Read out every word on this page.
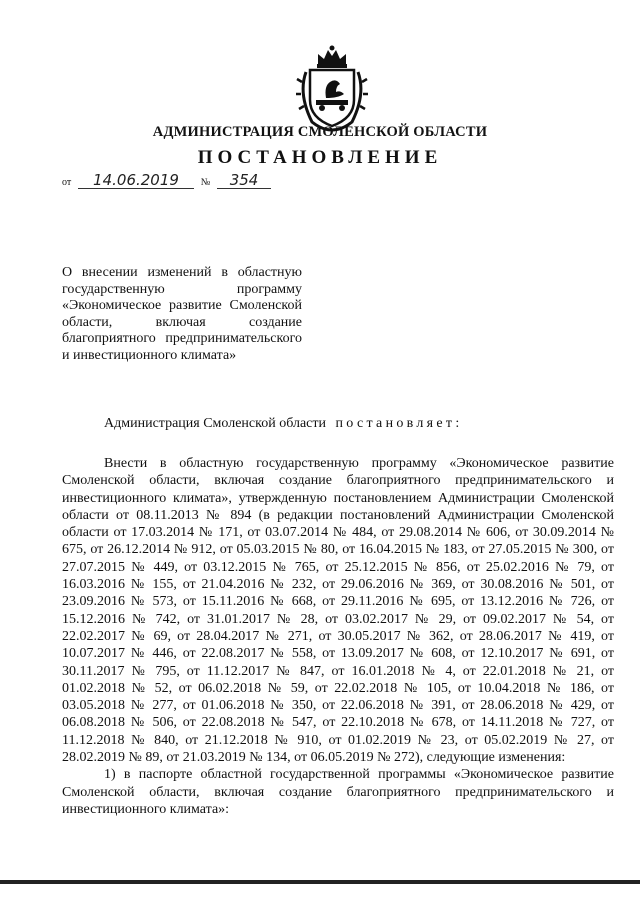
АДМИНИСТРАЦИЯ СМОЛЕНСКОЙ ОБЛАСТИ
ПОСТАНОВЛЕНИЕ
от 14.06.2019 № 354
О внесении изменений в областную государственную программу «Экономическое развитие Смоленской области, включая создание благоприятного предпринимательского и инвестиционного климата»
Администрация Смоленской области постановляет:

Внести в областную государственную программу «Экономическое развитие Смоленской области, включая создание благоприятного предпринимательского и инвестиционного климата», утвержденную постановлением Администрации Смоленской области от 08.11.2013 № 894 (в редакции постановлений Администрации Смоленской области от 17.03.2014 № 171, от 03.07.2014 № 484, от 29.08.2014 № 606, от 30.09.2014 № 675, от 26.12.2014 № 912, от 05.03.2015 № 80, от 16.04.2015 № 183, от 27.05.2015 № 300, от 27.07.2015 № 449, от 03.12.2015 № 765, от 25.12.2015 № 856, от 25.02.2016 № 79, от 16.03.2016 № 155, от 21.04.2016 № 232, от 29.06.2016 № 369, от 30.08.2016 № 501, от 23.09.2016 № 573, от 15.11.2016 № 668, от 29.11.2016 № 695, от 13.12.2016 № 726, от 15.12.2016 № 742, от 31.01.2017 № 28, от 03.02.2017 № 29, от 09.02.2017 № 54, от 22.02.2017 № 69, от 28.04.2017 № 271, от 30.05.2017 № 362, от 28.06.2017 № 419, от 10.07.2017 № 446, от 22.08.2017 № 558, от 13.09.2017 № 608, от 12.10.2017 № 691, от 30.11.2017 № 795, от 11.12.2017 № 847, от 16.01.2018 № 4, от 22.01.2018 № 21, от 01.02.2018 № 52, от 06.02.2018 № 59, от 22.02.2018 № 105, от 10.04.2018 № 186, от 03.05.2018 № 277, от 01.06.2018 № 350, от 22.06.2018 № 391, от 28.06.2018 № 429, от 06.08.2018 № 506, от 22.08.2018 № 547, от 22.10.2018 № 678, от 14.11.2018 № 727, от 11.12.2018 № 840, от 21.12.2018 № 910, от 01.02.2019 № 23, от 05.02.2019 № 27, от 28.02.2019 № 89, от 21.03.2019 № 134, от 06.05.2019 № 272), следующие изменения:

1) в паспорте областной государственной программы «Экономическое развитие Смоленской области, включая создание благоприятного предпринимательского и инвестиционного климата»:
